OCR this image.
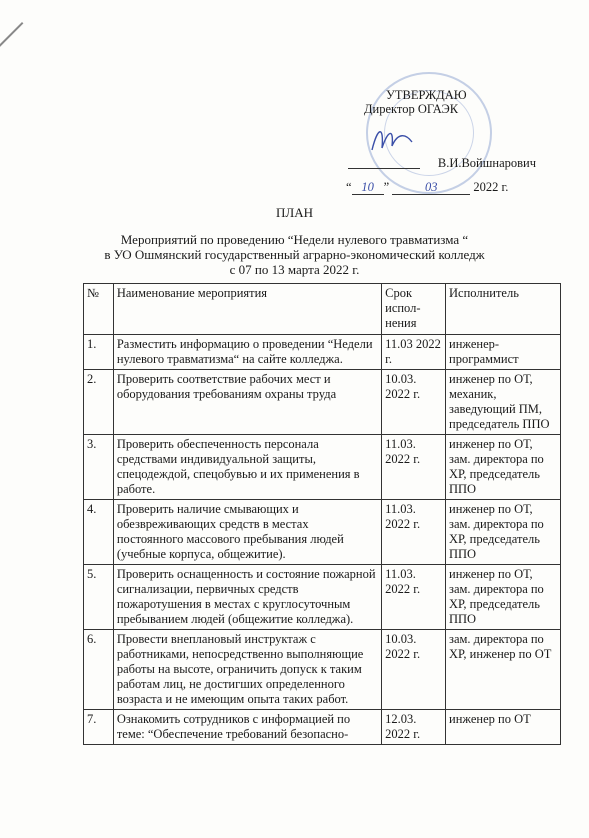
УТВЕРЖДАЮ
Директор ОГАЭК
В.И.Войшнарович
“ 10 ”	03	2022 г.
ПЛАН
Мероприятий по проведению “Недели нулевого травматизма “
в УО Ошмянский государственный аграрно-экономический колледж
с 07 по 13 марта 2022 г.
№	Наименование мероприятия	Срок испол-нения	Исполнитель
1.	Разместить информацию о проведении “Недели нулевого травматизма“ на сайте колледжа.	11.03 2022 г.	инженер-программист
2.	Проверить соответствие рабочих мест и оборудования требованиям охраны труда	10.03. 2022 г.	инженер по ОТ, механик, заведующий ПМ, председатель ППО
3.	Проверить обеспеченность персонала средствами индивидуальной защиты, спецодеждой, спецобувью и их применения в работе.	11.03. 2022 г.	инженер по ОТ, зам. директора по ХР, председатель ППО
4.	Проверить наличие смывающих и обезвреживающих средств в местах постоянного массового пребывания людей (учебные корпуса, общежитие).	11.03. 2022 г.	инженер по ОТ, зам. директора по ХР, председатель ППО
5.	Проверить оснащенность и состояние пожарной сигнализации, первичных средств пожаротушения в местах с круглосуточным пребыванием людей (общежитие колледжа).	11.03. 2022 г.	инженер по ОТ, зам. директора по ХР, председатель ППО
6.	Провести внеплановый инструктаж с работниками, непосредственно выполняющие работы на высоте, ограничить допуск к таким работам лиц, не достигших определенного возраста и не имеющим опыта таких работ.	10.03. 2022 г.	зам. директора по ХР, инженер по ОТ
7.	Ознакомить сотрудников с информацией по теме: “Обеспечение требований безопасно-	12.03. 2022 г.	инженер по ОТ
